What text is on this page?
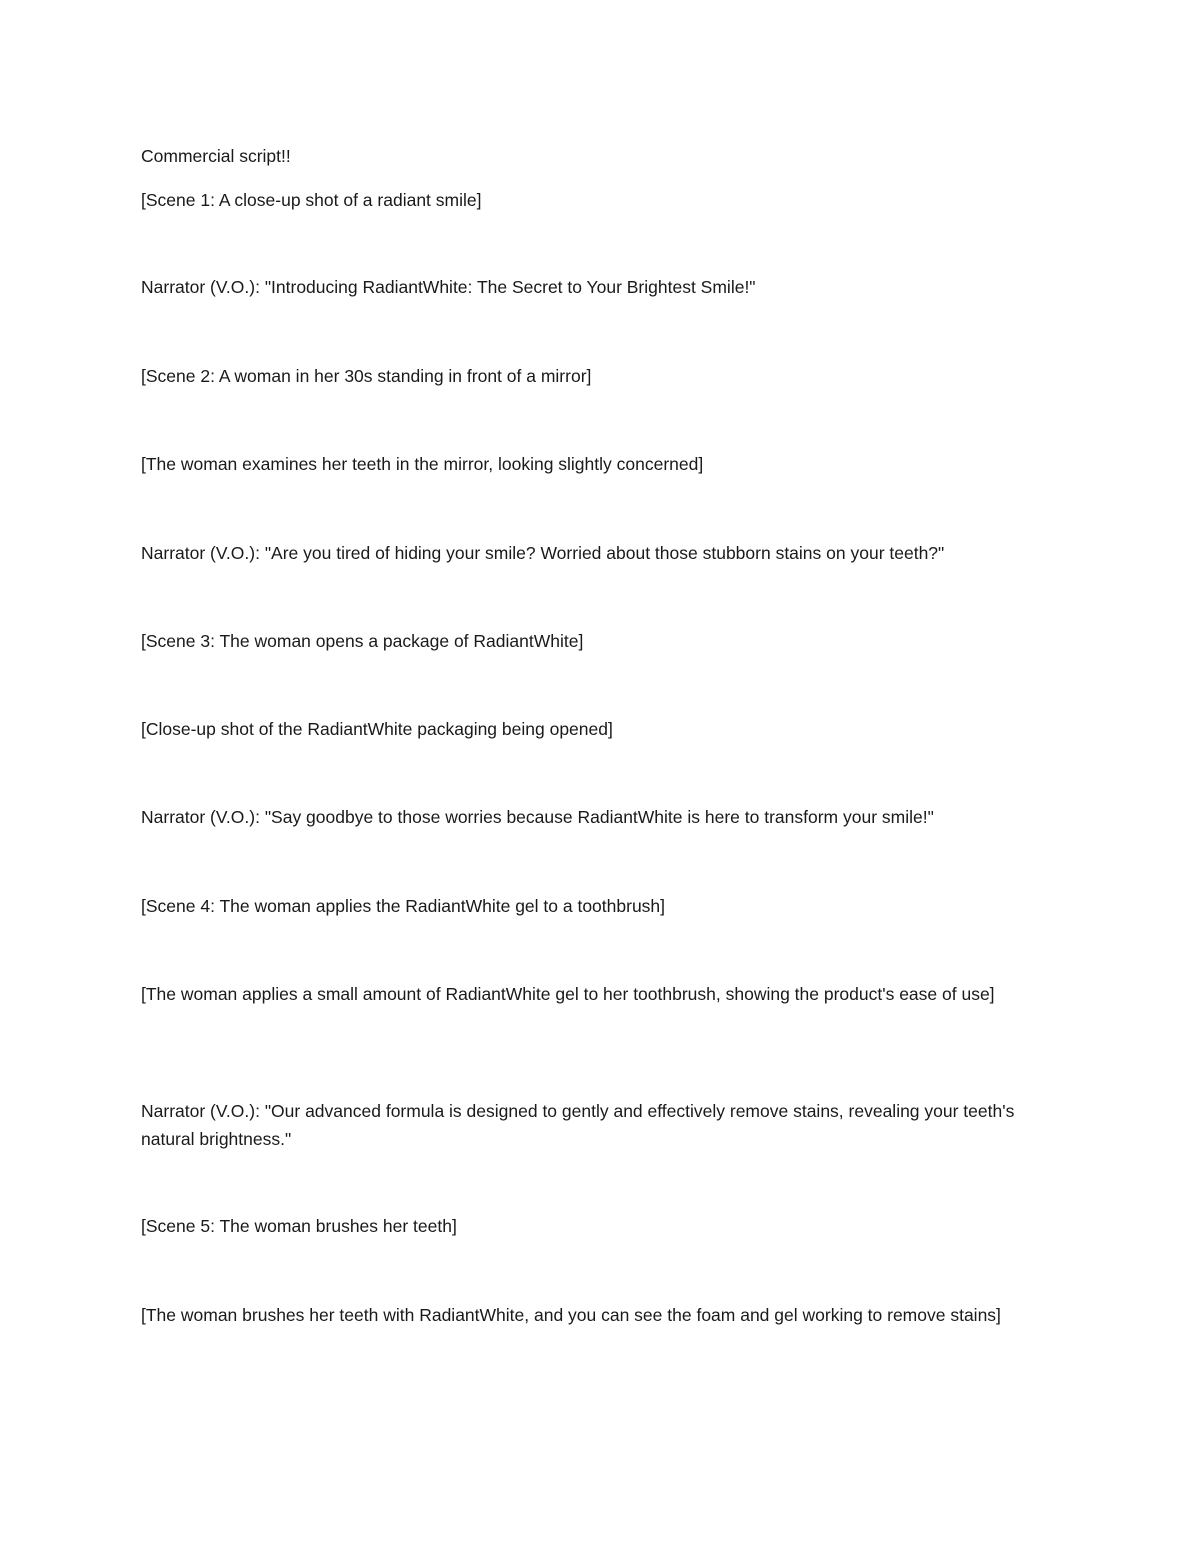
Commercial script!!

[Scene 1: A close-up shot of a radiant smile]

Narrator (V.O.): "Introducing RadiantWhite: The Secret to Your Brightest Smile!"

[Scene 2: A woman in her 30s standing in front of a mirror]

[The woman examines her teeth in the mirror, looking slightly concerned]

Narrator (V.O.): "Are you tired of hiding your smile? Worried about those stubborn stains on your teeth?"

[Scene 3: The woman opens a package of RadiantWhite]

[Close-up shot of the RadiantWhite packaging being opened]

Narrator (V.O.): "Say goodbye to those worries because RadiantWhite is here to transform your smile!"

[Scene 4: The woman applies the RadiantWhite gel to a toothbrush]

[The woman applies a small amount of RadiantWhite gel to her toothbrush, showing the product's ease of use]

Narrator (V.O.): "Our advanced formula is designed to gently and effectively remove stains, revealing your teeth's natural brightness."

[Scene 5: The woman brushes her teeth]

[The woman brushes her teeth with RadiantWhite, and you can see the foam and gel working to remove stains]
